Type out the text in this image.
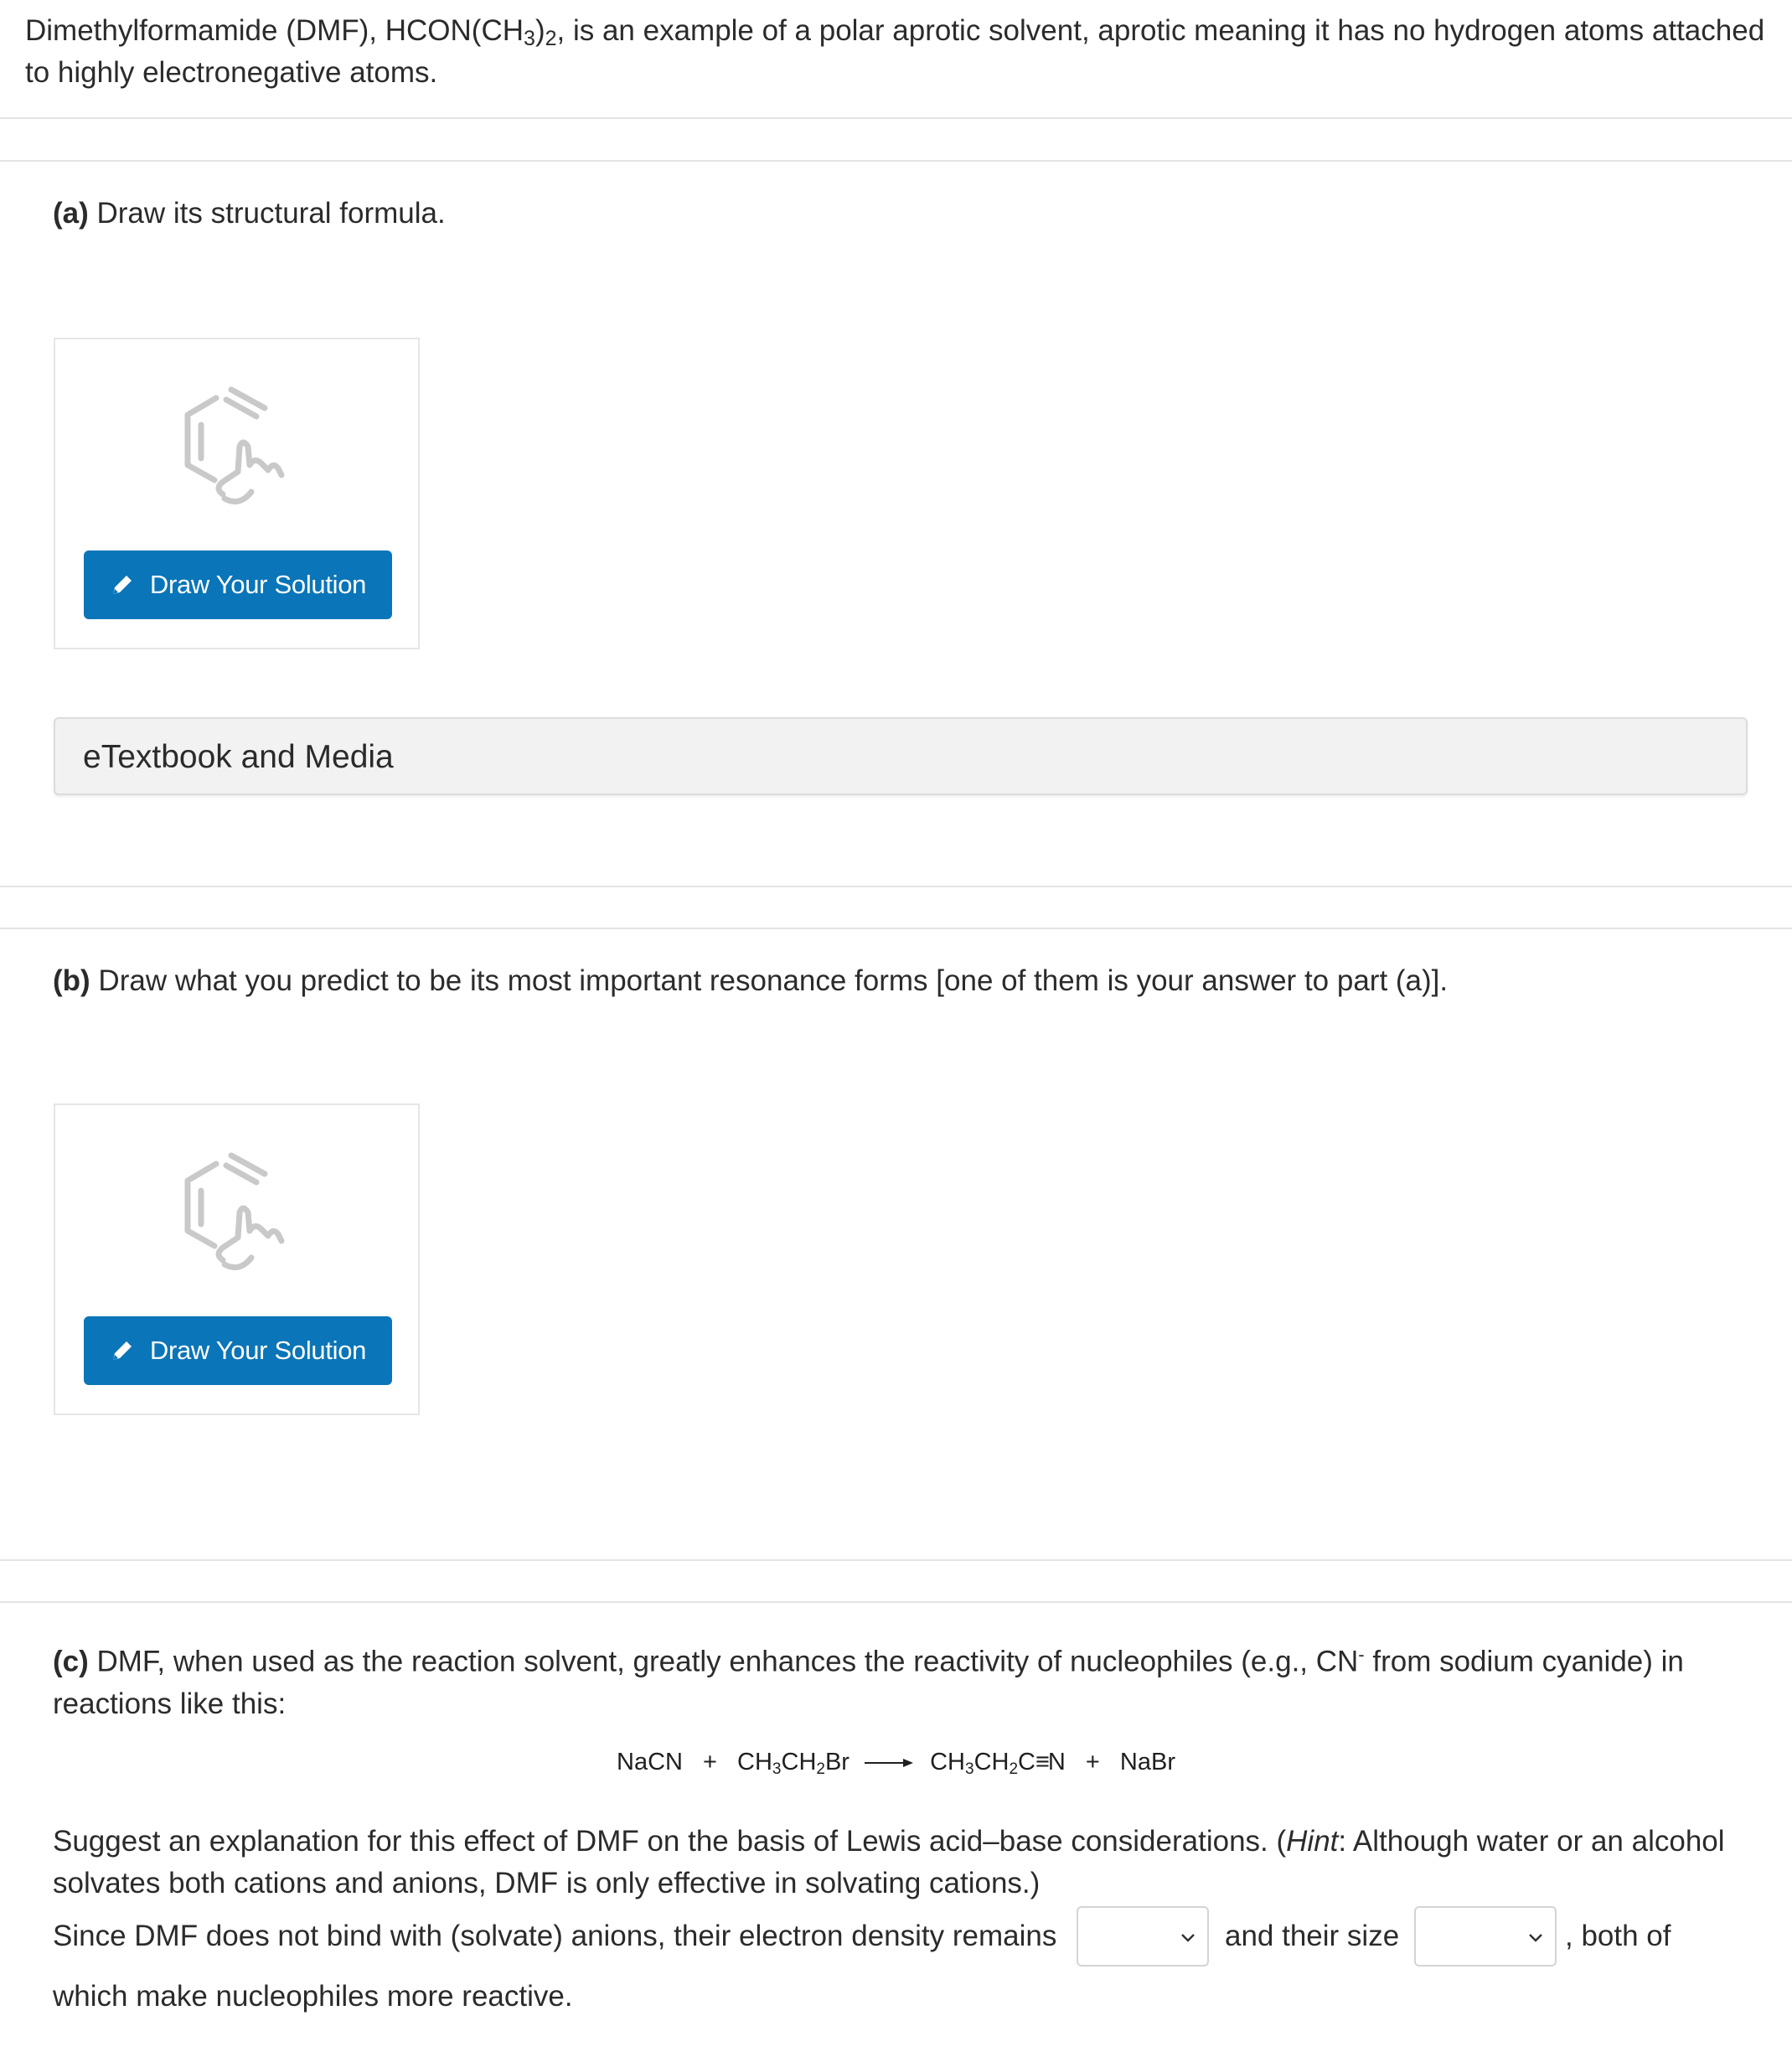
Dimethylformamide (DMF), $HCON(CH_3)_2$, is an example of a polar aprotic solvent, aprotic meaning it has no hydrogen atoms attached to highly electronegative atoms.
(a) Draw its structural formula.
Draw Your Solution
eTextbook and Media
(b) Draw what you predict to be its most important resonance forms [one of them is your answer to part (a)].
Draw Your Solution
(c) DMF, when used as the reaction solvent, greatly enhances the reactivity of nucleophiles (e.g., CN- from sodium cyanide) in reactions like this:
NaCN + $CH_3CH_2Br \to CH_3CH_2C\equiv N$ + NaBr
Suggest an explanation for this effect of DMF on the basis of Lewis acid–base considerations. (Hint: Although water or an alcohol solvates both cations and anions, DMF is only effective in solvating cations.)
Since DMF does not bind with (solvate) anions, their electron density remains	and their size	, both of
which make nucleophiles more reactive.
